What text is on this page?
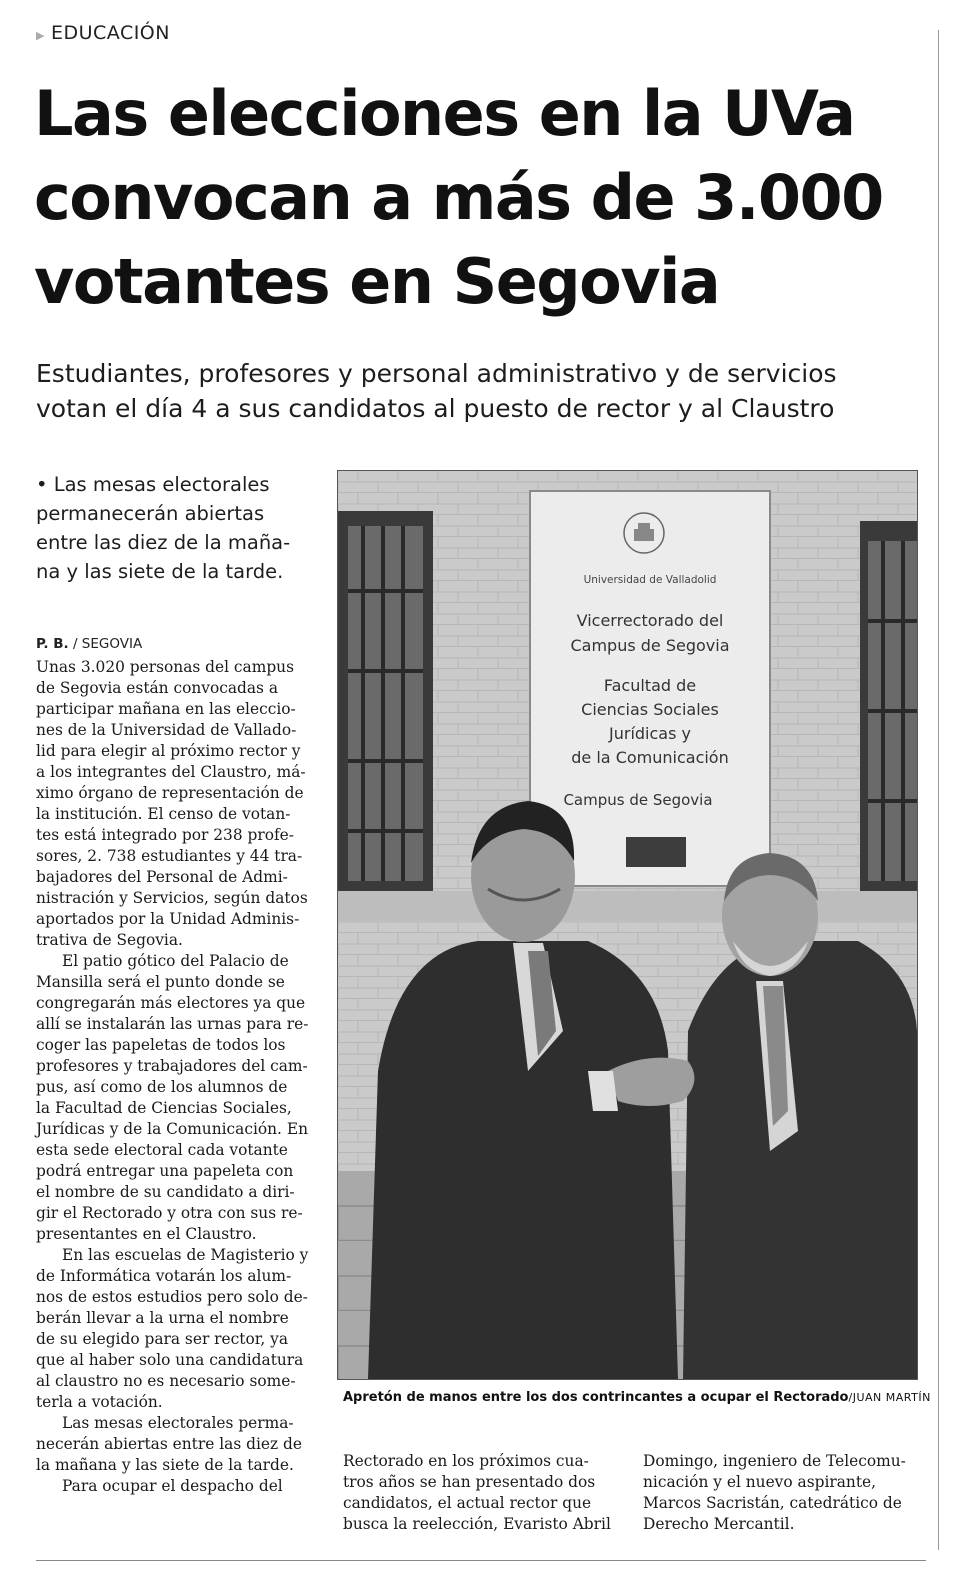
▶ EDUCACIÓN
Las elecciones en la UVa
convocan a más de 3.000
votantes en Segovia
Estudiantes, profesores y personal administrativo y de servicios
votan el día 4 a sus candidatos al puesto de rector y al Claustro
• Las mesas electorales
permanecerán abiertas
entre las diez de la maña-
na y las siete de la tarde.
P. B. / SEGOVIA
Unas 3.020 personas del campus
de Segovia están convocadas a
participar mañana en las eleccio-
nes de la Universidad de Vallado-
lid para elegir al próximo rector y
a los integrantes del Claustro, má-
ximo órgano de representación de
la institución. El censo de votan-
tes está integrado por 238 profe-
sores, 2. 738 estudiantes y 44 tra-
bajadores del Personal de Admi-
nistración y Servicios, según datos
aportados por la Unidad Adminis-
trativa de Segovia.
El patio gótico del Palacio de
Mansilla será el punto donde se
congregarán más electores ya que
allí se instalarán las urnas para re-
coger las papeletas de todos los
profesores y trabajadores del cam-
pus, así como de los alumnos de
la Facultad de Ciencias Sociales,
Jurídicas y de la Comunicación. En
esta sede electoral cada votante
podrá entregar una papeleta con
el nombre de su candidato a diri-
gir el Rectorado y otra con sus re-
presentantes en el Claustro.
En las escuelas de Magisterio y
de Informática votarán los alum-
nos de estos estudios pero solo de-
berán llevar a la urna el nombre
de su elegido para ser rector, ya
que al haber solo una candidatura
al claustro no es necesario some-
terla a votación.
Las mesas electorales perma-
necerán abiertas entre las diez de
la mañana y las siete de la tarde.
Para ocupar el despacho del
Universidad de Valladolid
Vicerrectorado del
Campus de Segovia
Facultad de
Ciencias Sociales
Jurídicas y
de la Comunicación
Campus de Segovia
Apretón de manos entre los dos contrincantes a ocupar el Rectorado/JUAN MARTÍN
Rectorado en los próximos cua-
tros años se han presentado dos
candidatos, el actual rector que
busca la reelección, Evaristo Abril
Domingo, ingeniero de Telecomu-
nicación y el nuevo aspirante,
Marcos Sacristán, catedrático de
Derecho Mercantil.
